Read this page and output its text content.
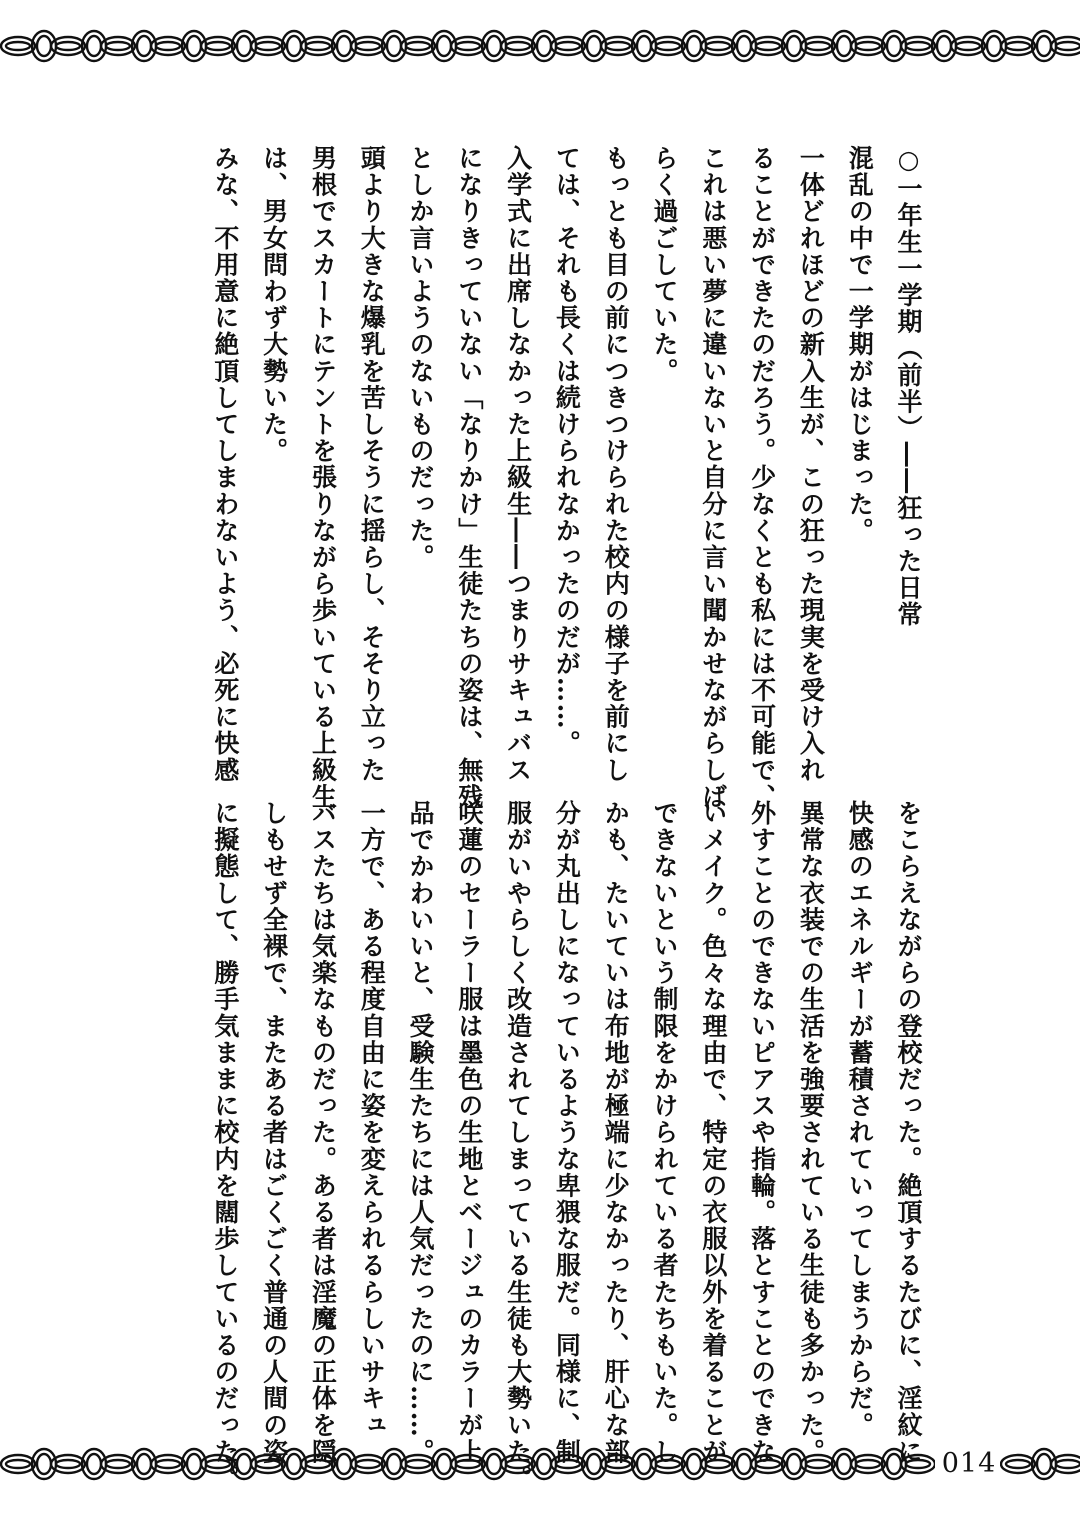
○一年生一学期（前半）――狂った日常
混乱の中で一学期がはじまった。
一体どれほどの新入生が、この狂った現実を受け入れ
ることができたのだろう。少なくとも私には不可能で、
これは悪い夢に違いないと自分に言い聞かせながらしば
らく過ごしていた。
もっとも目の前につきつけられた校内の様子を前にし
ては、それも長くは続けられなかったのだが……。
入学式に出席しなかった上級生――つまりサキュバス
になりきっていない「なりかけ」生徒たちの姿は、無残
としか言いようのないものだった。
頭より大きな爆乳を苦しそうに揺らし、そそり立った
男根でスカートにテントを張りながら歩いている上級生
は、男女問わず大勢いた。
みな、不用意に絶頂してしまわないよう、必死に快感
をこらえながらの登校だった。絶頂するたびに、淫紋に
快感のエネルギーが蓄積されていってしまうからだ。
異常な衣装での生活を強要されている生徒も多かった。
外すことのできないピアスや指輪。落とすことのできな
いメイク。色々な理由で、特定の衣服以外を着ることが
できないという制限をかけられている者たちもいた。し
かも、たいていは布地が極端に少なかったり、肝心な部
分が丸出しになっているような卑猥な服だ。同様に、制
服がいやらしく改造されてしまっている生徒も大勢いた。
咲蓮のセーラー服は墨色の生地とベージュのカラーが上
品でかわいいと、受験生たちには人気だったのに……。
一方で、ある程度自由に姿を変えられるらしいサキュ
バスたちは気楽なものだった。ある者は淫魔の正体を隠
しもせず全裸で、またある者はごくごく普通の人間の姿
に擬態して、勝手気ままに校内を闊歩しているのだった。	014
